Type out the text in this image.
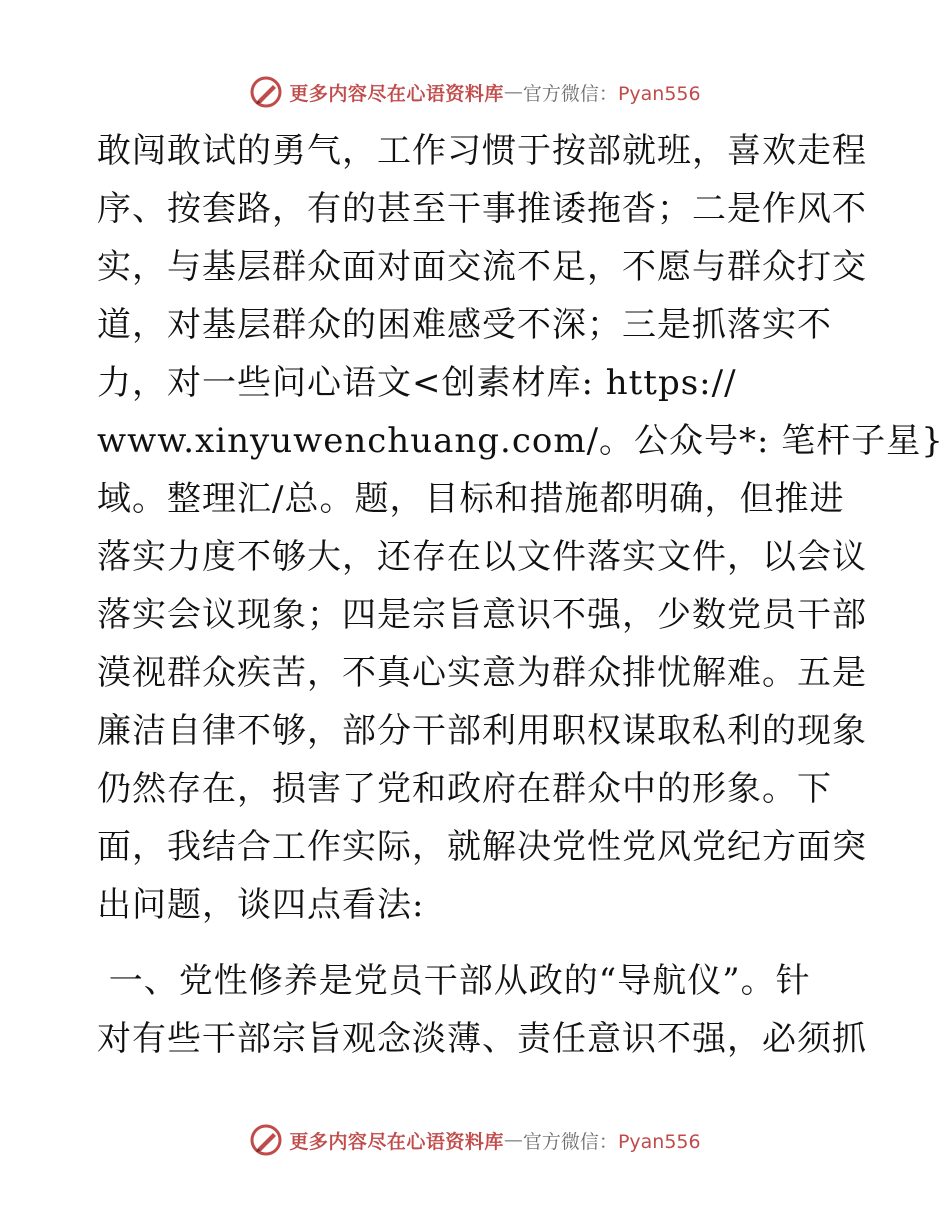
更多内容尽在心语资料库 — 官方微信：Pyan556
敢闯敢试的勇气，工作习惯于按部就班，喜欢走程
序、按套路，有的甚至干事推诿拖沓；二是作风不
实，与基层群众面对面交流不足，不愿与群众打交
道，对基层群众的困难感受不深；三是抓落实不
力，对一些问心语文<创素材库: https://
www.xinyuwenchuang.com/。公众号*: 笔杆子星}
域。整理汇/总。题，目标和措施都明确，但推进
落实力度不够大，还存在以文件落实文件，以会议
落实会议现象；四是宗旨意识不强，少数党员干部
漠视群众疾苦，不真心实意为群众排忧解难。五是
廉洁自律不够，部分干部利用职权谋取私利的现象
仍然存在，损害了党和政府在群众中的形象。下
面，我结合工作实际，就解决党性党风党纪方面突
出问题，谈四点看法:
一、党性修养是党员干部从政的“导航仪”。针
对有些干部宗旨观念淡薄、责任意识不强，必须抓
更多内容尽在心语资料库 — 官方微信：Pyan556
